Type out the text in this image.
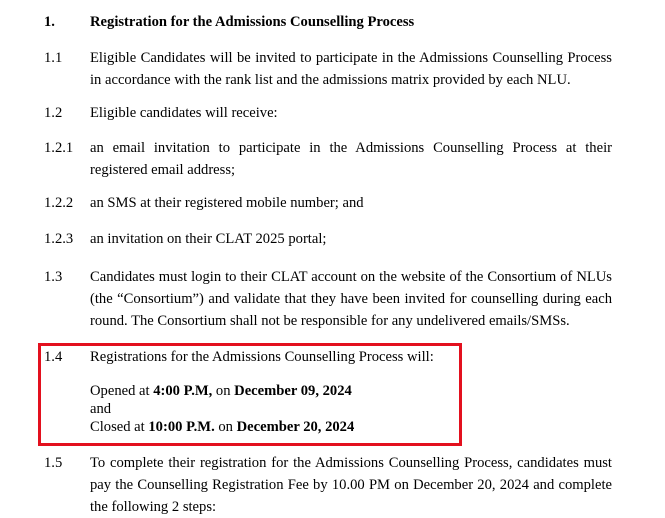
1. Registration for the Admissions Counselling Process
1.1 Eligible Candidates will be invited to participate in the Admissions Counselling Process in accordance with the rank list and the admissions matrix provided by each NLU.
1.2 Eligible candidates will receive:
1.2.1 an email invitation to participate in the Admissions Counselling Process at their registered email address;
1.2.2 an SMS at their registered mobile number; and
1.2.3 an invitation on their CLAT 2025 portal;
1.3 Candidates must login to their CLAT account on the website of the Consortium of NLUs (the “Consortium”) and validate that they have been invited for counselling during each round. The Consortium shall not be responsible for any undelivered emails/SMSs.
1.4 Registrations for the Admissions Counselling Process will:
Opened at 4:00 P.M, on December 09, 2024
and
Closed at 10:00 P.M. on December 20, 2024
1.5 To complete their registration for the Admissions Counselling Process, candidates must pay the Counselling Registration Fee by 10.00 PM on December 20, 2024 and complete the following 2 steps:
